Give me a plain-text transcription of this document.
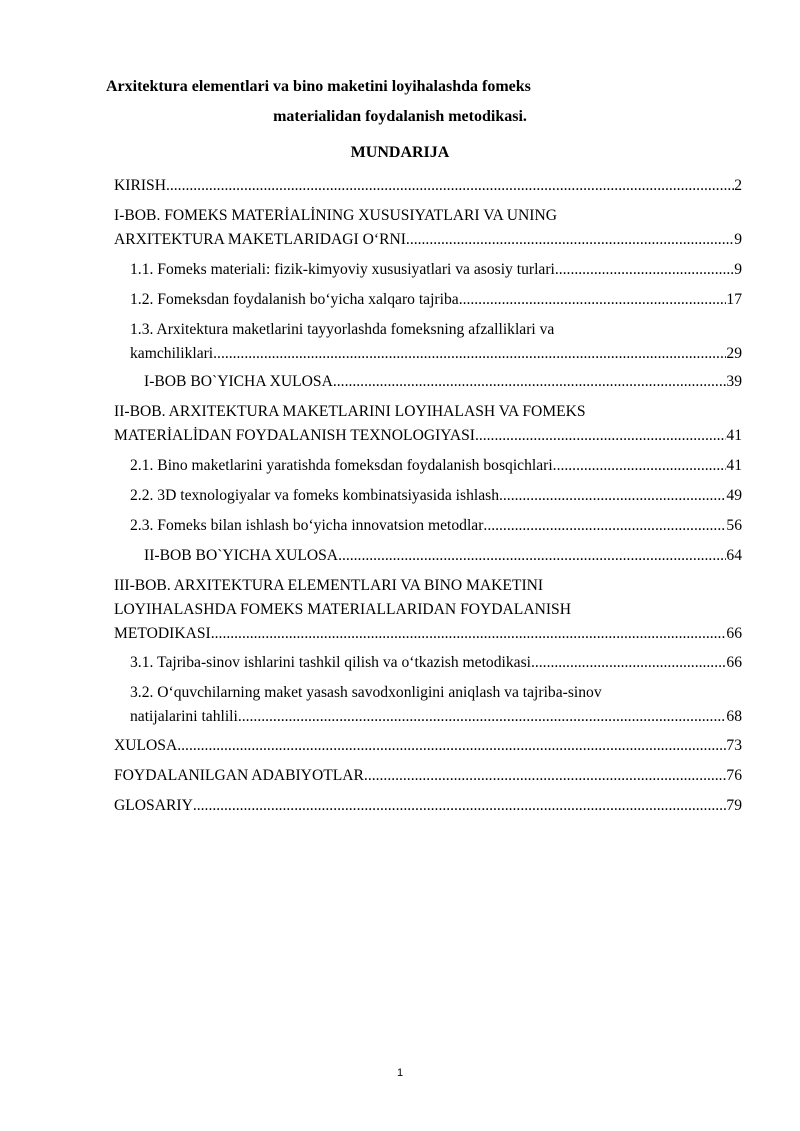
Arxitektura elementlari va bino maketini loyihalashda fomeks
materialidan foydalanish metodikasi.
MUNDARIJA
KIRISH .....	2
I-BOB. FOMEKS MATERİALİNING XUSUSIYATLARI VA UNING
ARXITEKTURA MAKETLARIDAGI O‘RNI .....	9
1.1. Fomeks materiali: fizik-kimyoviy xususiyatlari va asosiy turlari .....	9
1.2. Fomeksdan foydalanish bo‘yicha xalqaro tajriba .....	17
1.3. Arxitektura maketlarini tayyorlashda fomeksning afzalliklari va
kamchiliklari .....	29
I-BOB BO`YICHA XULOSA .....	39
II-BOB. ARXITEKTURA MAKETLARINI LOYIHALASH VA FOMEKS
MATERİALİDAN FOYDALANISH TEXNOLOGIYASI .....	41
2.1. Bino maketlarini yaratishda fomeksdan foydalanish bosqichlari .....	41
2.2. 3D texnologiyalar va fomeks kombinatsiyasida ishlash .....	49
2.3. Fomeks bilan ishlash bo‘yicha innovatsion metodlar .....	56
II-BOB BO`YICHA XULOSA .....	64
III-BOB. ARXITEKTURA ELEMENTLARI VA BINO MAKETINI
LOYIHALASHDA FOMEKS MATERIALLARIDAN FOYDALANISH
METODIKASI .....	66
3.1. Tajriba-sinov ishlarini tashkil qilish va o‘tkazish metodikasi .....	66
3.2. O‘quvchilarning maket yasash savodxonligini aniqlash va tajriba-sinov
natijalarini tahlili .....	68
XULOSA .....	73
FOYDALANILGAN ADABIYOTLAR .....	76
GLOSARIY .....	79
1
